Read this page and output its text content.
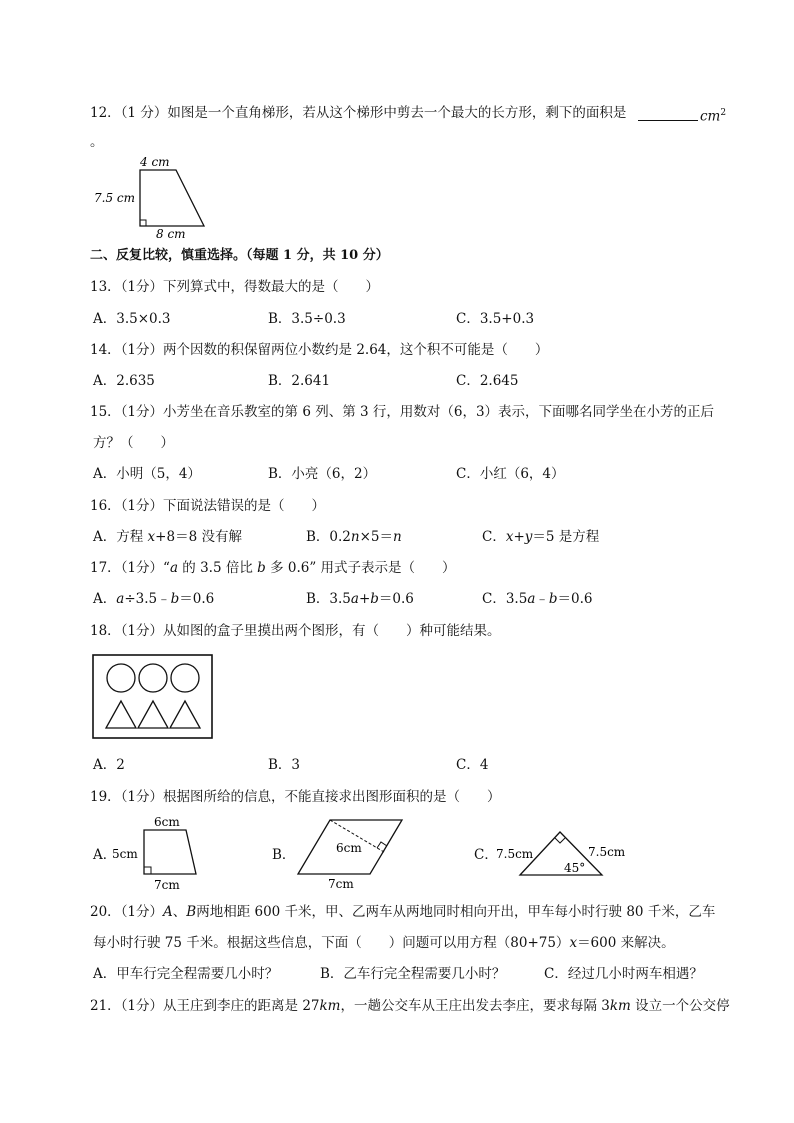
12．（1 分）如图是一个直角梯形，若从这个梯形中剪去一个最大的长方形，剩下的面积是	$cm^2$
。
4 cm
7.5 cm
8 cm
二、反复比较，慎重选择。（每题 1 分，共 10 分）
13．（1分）下列算式中，得数最大的是（　　）
A．3.5×0.3	B．3.5÷0.3	C．3.5+0.3
14．（1分）两个因数的积保留两位小数约是 2.64，这个积不可能是（　　）
A．2.635	B．2.641	C．2.645
15．（1分）小芳坐在音乐教室的第 6 列、第 3 行，用数对（6，3）表示，下面哪名同学坐在小芳的正后
方？（　　）
A．小明（5，4）	B．小亮（6，2）	C．小红（6，4）
16．（1分）下面说法错误的是（　　）
A．方程 x+8＝8 没有解	B．0.2n×5＝n	C．x+y＝5 是方程
17．（1分）“a 的 3.5 倍比 b 多 0.6” 用式子表示是（　　）
A．a÷3.5﹣b＝0.6	B．3.5a+b＝0.6	C．3.5a﹣b＝0.6
18．（1分）从如图的盒子里摸出两个图形，有（　　）种可能结果。
A．2	B．3	C．4
19．（1分）根据图所给的信息，不能直接求出图形面积的是（　　）
A．
6cm
5cm
7cm
B．	6cm
7cm
C．
7.5cm	7.5cm
45°
20．（1分）A、B两地相距 600 千米，甲、乙两车从两地同时相向开出，甲车每小时行驶 80 千米，乙车
每小时行驶 75 千米。根据这些信息，下面（　　）问题可以用方程（80+75）x＝600 来解决。
A．甲车行完全程需要几小时？	B．乙车行完全程需要几小时？	C．经过几小时两车相遇？
21．（1分）从王庄到李庄的距离是 27km，一趟公交车从王庄出发去李庄，要求每隔 3km 设立一个公交停
